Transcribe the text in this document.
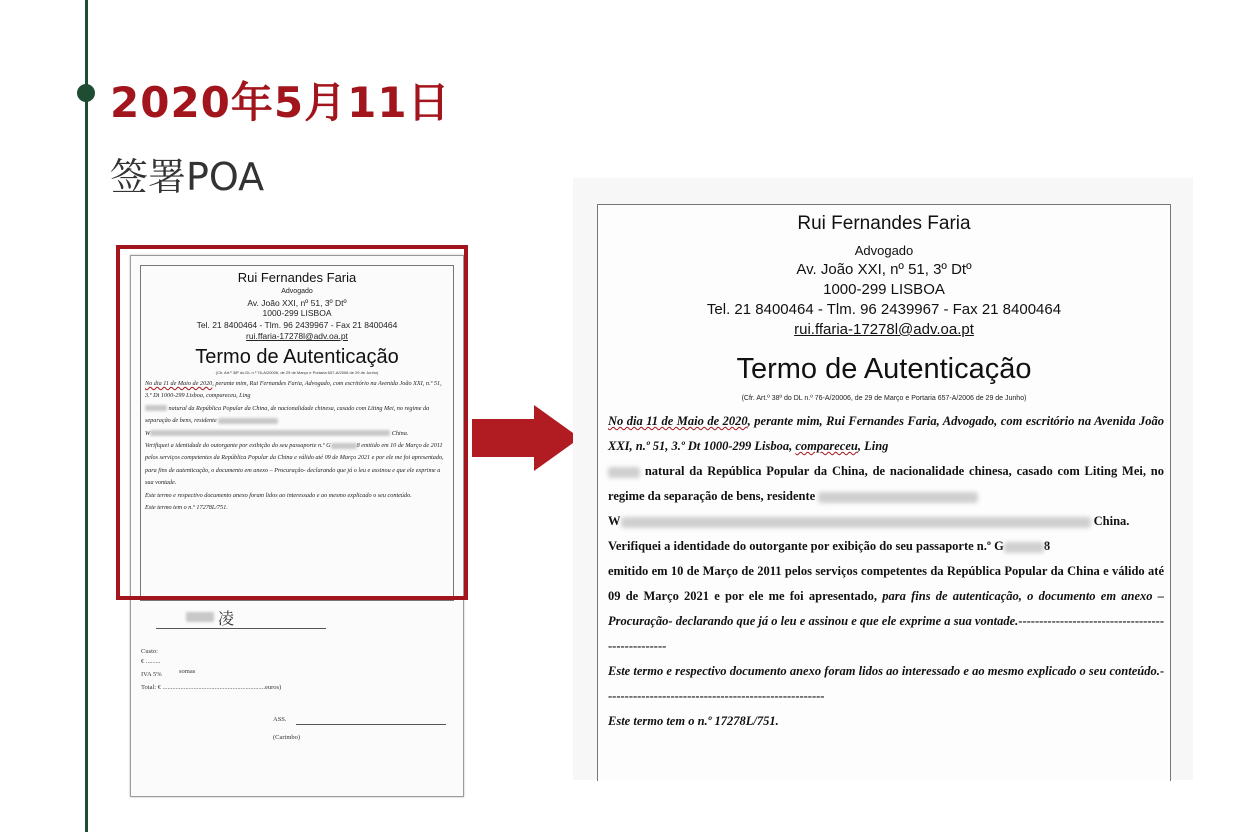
2020年5月11日
签署POA
Rui Fernandes Faria
Advogado
Av. João XXI, nº 51, 3º Dtº
1000-299 LISBOA
Tel. 21 8400464 - Tlm. 96 2439967 - Fax 21 8400464
rui.ffaria-17278l@adv.oa.pt
Termo de Autenticação
(Cfr. Art.º 38º do DL n.º 76-A/20006, de 29 de Março e Portaria 657-A/2006 de 29 de Junho)

No dia 11 de Maio de 2020, perante mim, Rui Fernandes Faria, Advogado, com escritório na Avenida João XXI, n.º 51, 3.º Dt 1000-299 Lisboa, compareceu, Ling

natural da República Popular da China, de nacionalidade chinesa, casado com Liting Mei, no regime da separação de bens, residente

W	China.

Verifiquei a identidade do outorgante por exibição do seu passaporte n.º G	8 emitido em 10 de Março de 2011 pelos serviços competentes da República Popular da China e válido até 09 de Março 2021 e por ele me foi apresentado, para fins de autenticação, o documento em anexo – Procuração- declarando que já o leu e assinou e que ele exprime a sua vontade.

Este termo e respectivo documento anexo foram lidos ao interessado e ao mesmo explicado o seu conteúdo.

Este termo tem o n.º 17278L/751.

凌
Custo:
€ .........
IVA 5%	somas
Total: € ...............................................................euros)
ASS.
(Carimbo)
Rui Fernandes Faria
Advogado
Av. João XXI, nº 51, 3º Dtº
1000-299 LISBOA
Tel. 21 8400464 - Tlm. 96 2439967 - Fax 21 8400464
rui.ffaria-17278l@adv.oa.pt
Termo de Autenticação
(Cfr. Art.º 38º do DL n.º 76-A/20006, de 29 de Março e Portaria 657-A/2006 de 29 de Junho)

No dia 11 de Maio de 2020, perante mim, Rui Fernandes Faria, Advogado, com escritório na Avenida João XXI, n.º 51, 3.º Dt 1000-299 Lisboa, compareceu, Ling

natural da República Popular da China, de nacionalidade chinesa, casado com Liting Mei, no regime da separação de bens, residente

W	China.

Verifiquei a identidade do outorgante por exibição do seu passaporte n.º G	8

emitido em 10 de Março de 2011 pelos serviços competentes da República Popular da China e válido até 09 de Março 2021 e por ele me foi apresentado, para fins de autenticação, o documento em anexo – Procuração- declarando que já o leu e assinou e que ele exprime a sua vontade.-------------------------------------------------

Este termo e respectivo documento anexo foram lidos ao interessado e ao mesmo explicado o seu conteúdo.-----------------------------------------------------

Este termo tem o n.º 17278L/751.
